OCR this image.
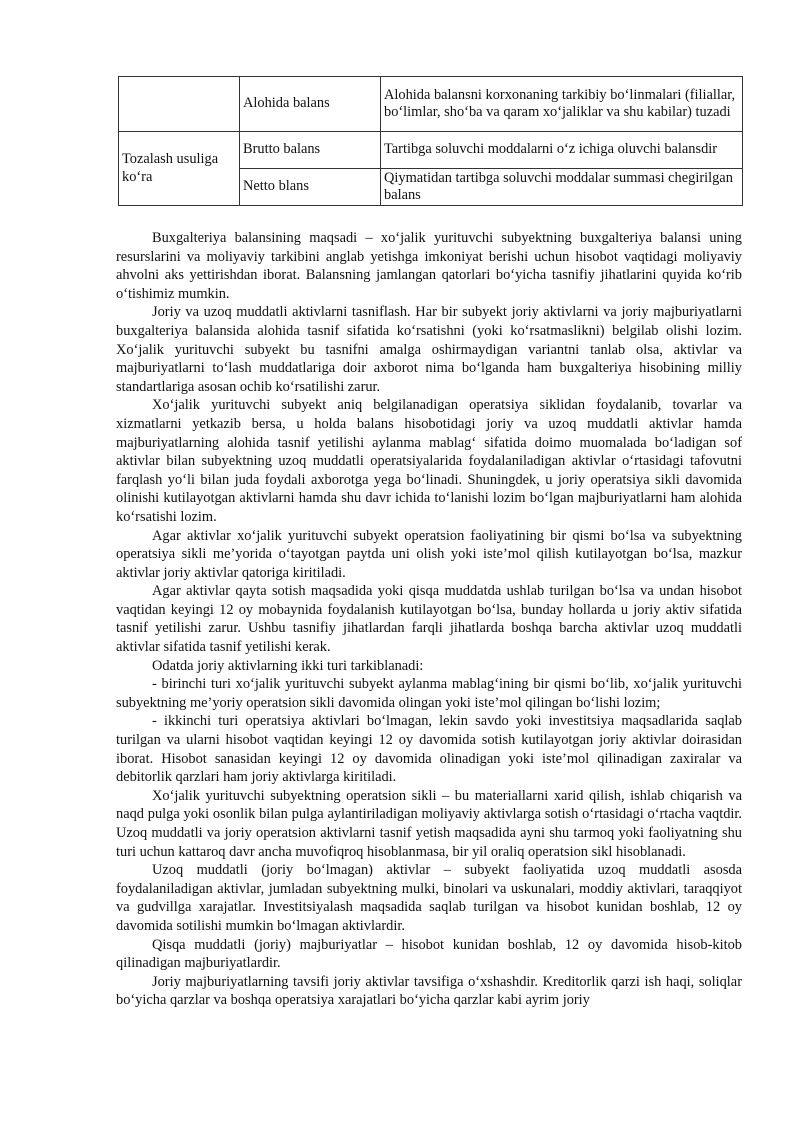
	Alohida balans	Alohida balansni korxonaning tarkibiy bo‘linmalari (filiallar, bo‘limlar, sho‘ba va qaram xo‘jaliklar va shu kabilar) tuzadi
Tozalash usuliga ko‘ra	Brutto balans	Tartibga soluvchi moddalarni o‘z ichiga oluvchi balansdir
	Netto blans	Qiymatidan tartibga soluvchi moddalar summasi chegirilgan balans

Buxgalteriya balansining maqsadi – xo‘jalik yurituvchi subyektning buxgalteriya balansi uning resurslarini va moliyaviy tarkibini anglab yetishga imkoniyat berishi uchun hisobot vaqtidagi moliyaviy ahvolni aks yettirishdan iborat. Balansning jamlangan qatorlari bo‘yicha tasnifiy jihatlarini quyida ko‘rib o‘tishimiz mumkin.

Joriy va uzoq muddatli aktivlarni tasniflash. Har bir subyekt joriy aktivlarni va joriy majburiyatlarni buxgalteriya balansida alohida tasnif sifatida ko‘rsatishni (yoki ko‘rsatmaslikni) belgilab olishi lozim. Xo‘jalik yurituvchi subyekt bu tasnifni amalga oshirmaydigan variantni tanlab olsa, aktivlar va majburiyatlarni to‘lash muddatlariga doir axborot nima bo‘lganda ham buxgalteriya hisobining milliy standartlariga asosan ochib ko‘rsatilishi zarur.

Xo‘jalik yurituvchi subyekt aniq belgilanadigan operatsiya siklidan foydalanib, tovarlar va xizmatlarni yetkazib bersa, u holda balans hisobotidagi joriy va uzoq muddatli aktivlar hamda majburiyatlarning alohida tasnif yetilishi aylanma mablag‘ sifatida doimo muomalada bo‘ladigan sof aktivlar bilan subyektning uzoq muddatli operatsiyalarida foydalaniladigan aktivlar o‘rtasidagi tafovutni farqlash yo‘li bilan juda foydali axborotga yega bo‘linadi. Shuningdek, u joriy operatsiya sikli davomida olinishi kutilayotgan aktivlarni hamda shu davr ichida to‘lanishi lozim bo‘lgan majburiyatlarni ham alohida ko‘rsatishi lozim.

Agar aktivlar xo‘jalik yurituvchi subyekt operatsion faoliyatining bir qismi bo‘lsa va subyektning operatsiya sikli me’yorida o‘tayotgan paytda uni olish yoki iste’mol qilish kutilayotgan bo‘lsa, mazkur aktivlar joriy aktivlar qatoriga kiritiladi.

Agar aktivlar qayta sotish maqsadida yoki qisqa muddatda ushlab turilgan bo‘lsa va undan hisobot vaqtidan keyingi 12 oy mobaynida foydalanish kutilayotgan bo‘lsa, bunday hollarda u joriy aktiv sifatida tasnif yetilishi zarur. Ushbu tasnifiy jihatlardan farqli jihatlarda boshqa barcha aktivlar uzoq muddatli aktivlar sifatida tasnif yetilishi kerak.

Odatda joriy aktivlarning ikki turi tarkiblanadi:

- birinchi turi xo‘jalik yurituvchi subyekt aylanma mablag‘ining bir qismi bo‘lib, xo‘jalik yurituvchi subyektning me’yoriy operatsion sikli davomida olingan yoki iste’mol qilingan bo‘lishi lozim;

- ikkinchi turi operatsiya aktivlari bo‘lmagan, lekin savdo yoki investitsiya maqsadlarida saqlab turilgan va ularni hisobot vaqtidan keyingi 12 oy davomida sotish kutilayotgan joriy aktivlar doirasidan iborat. Hisobot sanasidan keyingi 12 oy davomida olinadigan yoki iste’mol qilinadigan zaxiralar va debitorlik qarzlari ham joriy aktivlarga kiritiladi.

Xo‘jalik yurituvchi subyektning operatsion sikli – bu materiallarni xarid qilish, ishlab chiqarish va naqd pulga yoki osonlik bilan pulga aylantiriladigan moliyaviy aktivlarga sotish o‘rtasidagi o‘rtacha vaqtdir. Uzoq muddatli va joriy operatsion aktivlarni tasnif yetish maqsadida ayni shu tarmoq yoki faoliyatning shu turi uchun kattaroq davr ancha muvofiqroq hisoblanmasa, bir yil oraliq operatsion sikl hisoblanadi.

Uzoq muddatli (joriy bo‘lmagan) aktivlar – subyekt faoliyatida uzoq muddatli asosda foydalaniladigan aktivlar, jumladan subyektning mulki, binolari va uskunalari, moddiy aktivlari, taraqqiyot va gudvillga xarajatlar. Investitsiyalash maqsadida saqlab turilgan va hisobot kunidan boshlab, 12 oy davomida sotilishi mumkin bo‘lmagan aktivlardir.

Qisqa muddatli (joriy) majburiyatlar – hisobot kunidan boshlab, 12 oy davomida hisob-kitob qilinadigan majburiyatlardir.

Joriy majburiyatlarning tavsifi joriy aktivlar tavsifiga o‘xshashdir. Kreditorlik qarzi ish haqi, soliqlar bo‘yicha qarzlar va boshqa operatsiya xarajatlari bo‘yicha qarzlar kabi ayrim joriy
